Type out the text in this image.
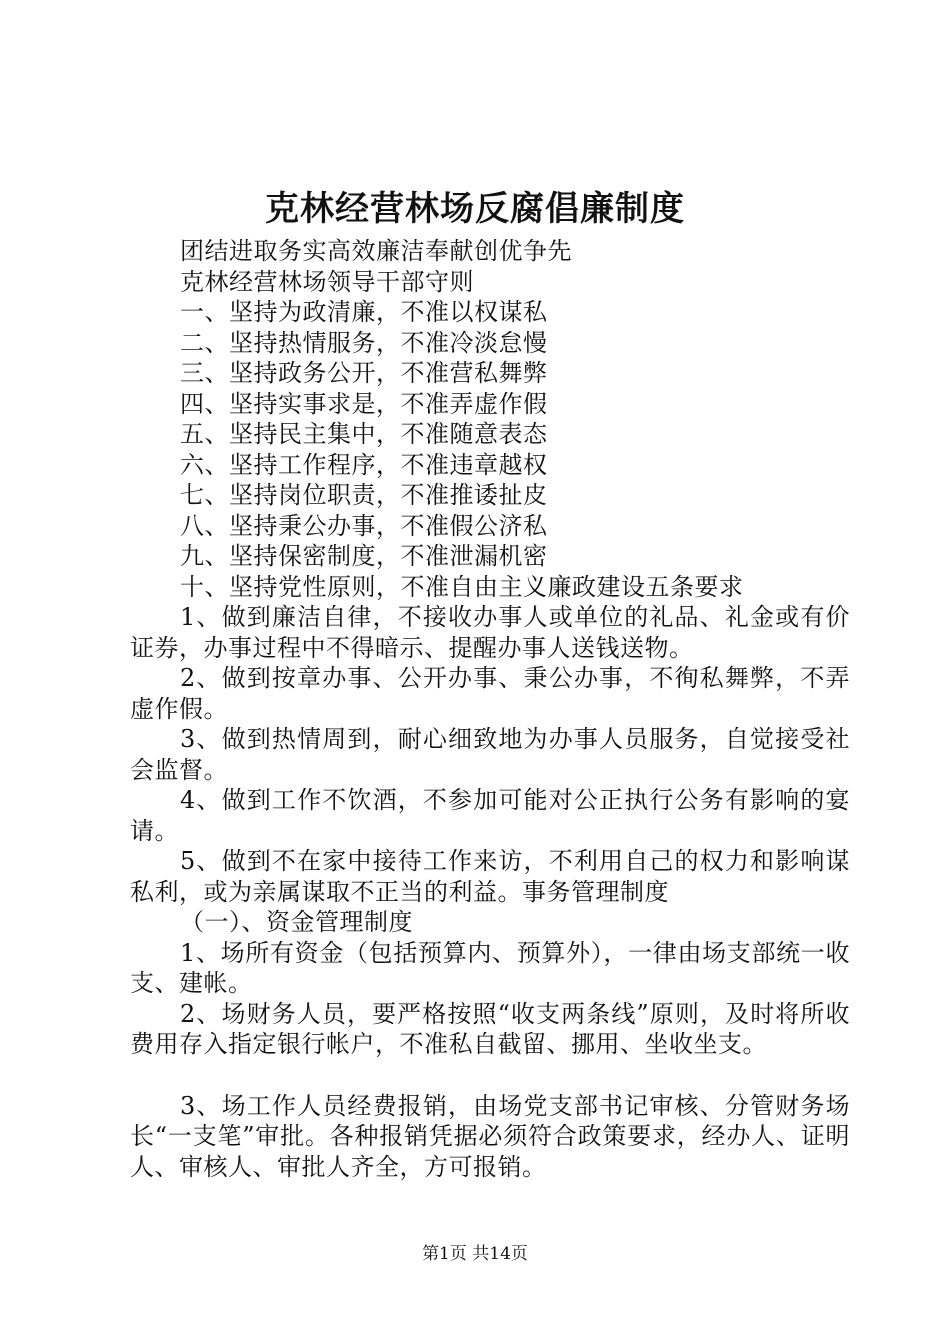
克林经营林场反腐倡廉制度

团结进取务实高效廉洁奉献创优争先

克林经营林场领导干部守则

一、坚持为政清廉，不准以权谋私

二、坚持热情服务，不准冷淡怠慢

三、坚持政务公开，不准营私舞弊

四、坚持实事求是，不准弄虚作假

五、坚持民主集中，不准随意表态

六、坚持工作程序，不准违章越权

七、坚持岗位职责，不准推诿扯皮

八、坚持秉公办事，不准假公济私

九、坚持保密制度，不准泄漏机密

十、坚持党性原则，不准自由主义廉政建设五条要求

1、做到廉洁自律，不接收办事人或单位的礼品、礼金或有价证券，办事过程中不得暗示、提醒办事人送钱送物。

2、做到按章办事、公开办事、秉公办事，不徇私舞弊，不弄虚作假。

3、做到热情周到，耐心细致地为办事人员服务，自觉接受社会监督。

4、做到工作不饮酒，不参加可能对公正执行公务有影响的宴请。

5、做到不在家中接待工作来访，不利用自己的权力和影响谋私利，或为亲属谋取不正当的利益。事务管理制度

（一）、资金管理制度

1、场所有资金（包括预算内、预算外），一律由场支部统一收支、建帐。

2、场财务人员，要严格按照“收支两条线”原则，及时将所收费用存入指定银行帐户，不准私自截留、挪用、坐收坐支。

3、场工作人员经费报销，由场党支部书记审核、分管财务场长“一支笔”审批。各种报销凭据必须符合政策要求，经办人、证明人、审核人、审批人齐全，方可报销。

第1页 共14页
